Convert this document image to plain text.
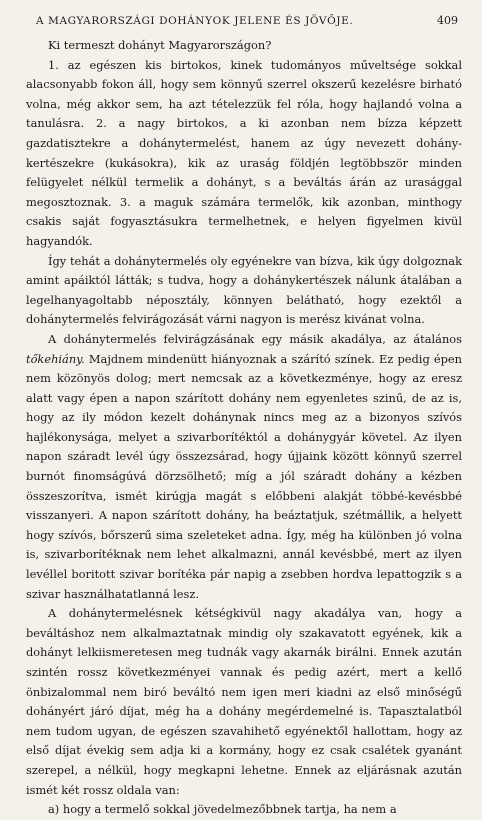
A MAGYARORSZÁGI DOHÁNYOK JELENE ÉS JÖVŐJE.	409

Ki termeszt dohányt Magyarországon?

1. az egészen kis birtokos, kinek tudományos műveltsége sokkal alacsonyabb fokon áll, hogy sem könnyű szerrel okszerű kezelésre birható volna, még akkor sem, ha azt tételezzük fel róla, hogy hajlandó volna a tanulásra. 2. a nagy birtokos, a ki azonban nem bízza képzett gazdatisztekre a dohánytermelést, hanem az úgy nevezett dohány-kertészekre (kukásokra), kik az uraság földjén legtöbbször minden felügyelet nélkül termelik a dohányt, s a beváltás árán az urasággal megosztoznak. 3. a maguk számára termelők, kik azonban, minthogy csakis saját fogyasztásukra termelhetnek, e helyen figyelmen kivül hagyandók.

Így tehát a dohánytermelés oly egyénekre van bízva, kik úgy dolgoznak amint apáiktól látták; s tudva, hogy a dohánykertészek nálunk átalában a legelhanyagoltabb néposztály, könnyen belátható, hogy ezektől a dohánytermelés felvirágozását várni nagyon is merész kivánat volna.

A dohánytermelés felvirágzásának egy másik akadálya, az átalános tőkehiány. Majdnem mindenütt hiányoznak a szárító színek. Ez pedig épen nem közönyös dolog; mert nemcsak az a következménye, hogy az eresz alatt vagy épen a napon szárított dohány nem egyenletes szinű, de az is, hogy az ily módon kezelt dohánynak nincs meg az a bizonyos szívós hajlékonysága, melyet a szivarborítéktól a dohánygyár követel. Az ilyen napon száradt levél úgy összezsárad, hogy újjaink között könnyű szerrel burnót finomságúvá dörzsölhető; míg a jól száradt dohány a kézben összeszorítva, ismét kirúgja magát s előbbeni alakját többé-kevésbbé visszanyeri. A napon szárított dohány, ha beáztatjuk, szétmállik, a helyett hogy szívós, bőrszerű sima szeleteket adna. Így, még ha különben jó volna is, szivarborítéknak nem lehet alkalmazni, annál kevésbbé, mert az ilyen levéllel boritott szivar borítéka pár napig a zsebben hordva lepattogzik s a szivar használhatatlanná lesz.

A dohánytermelésnek kétségkivül nagy akadálya van, hogy a beváltáshoz nem alkalmaztatnak mindig oly szakavatott egyének, kik a dohányt lelkiismeretesen meg tudnák vagy akarnák birálni. Ennek azután szintén rossz következményei vannak és pedig azért, mert a kellő önbizalommal nem biró beváltó nem igen meri kiadni az első minőségű dohányért járó díjat, még ha a dohány megérdemelné is. Tapasztalatból nem tudom ugyan, de egészen szavahihető egyénektől hallottam, hogy az első díjat évekig sem adja ki a kormány, hogy ez csak csalétek gyanánt szerepel, a nélkül, hogy megkapni lehetne. Ennek az eljárásnak azután ismét két rossz oldala van:

a) hogy a termelő sokkal jövedelmezőbbnek tartja, ha nem a
